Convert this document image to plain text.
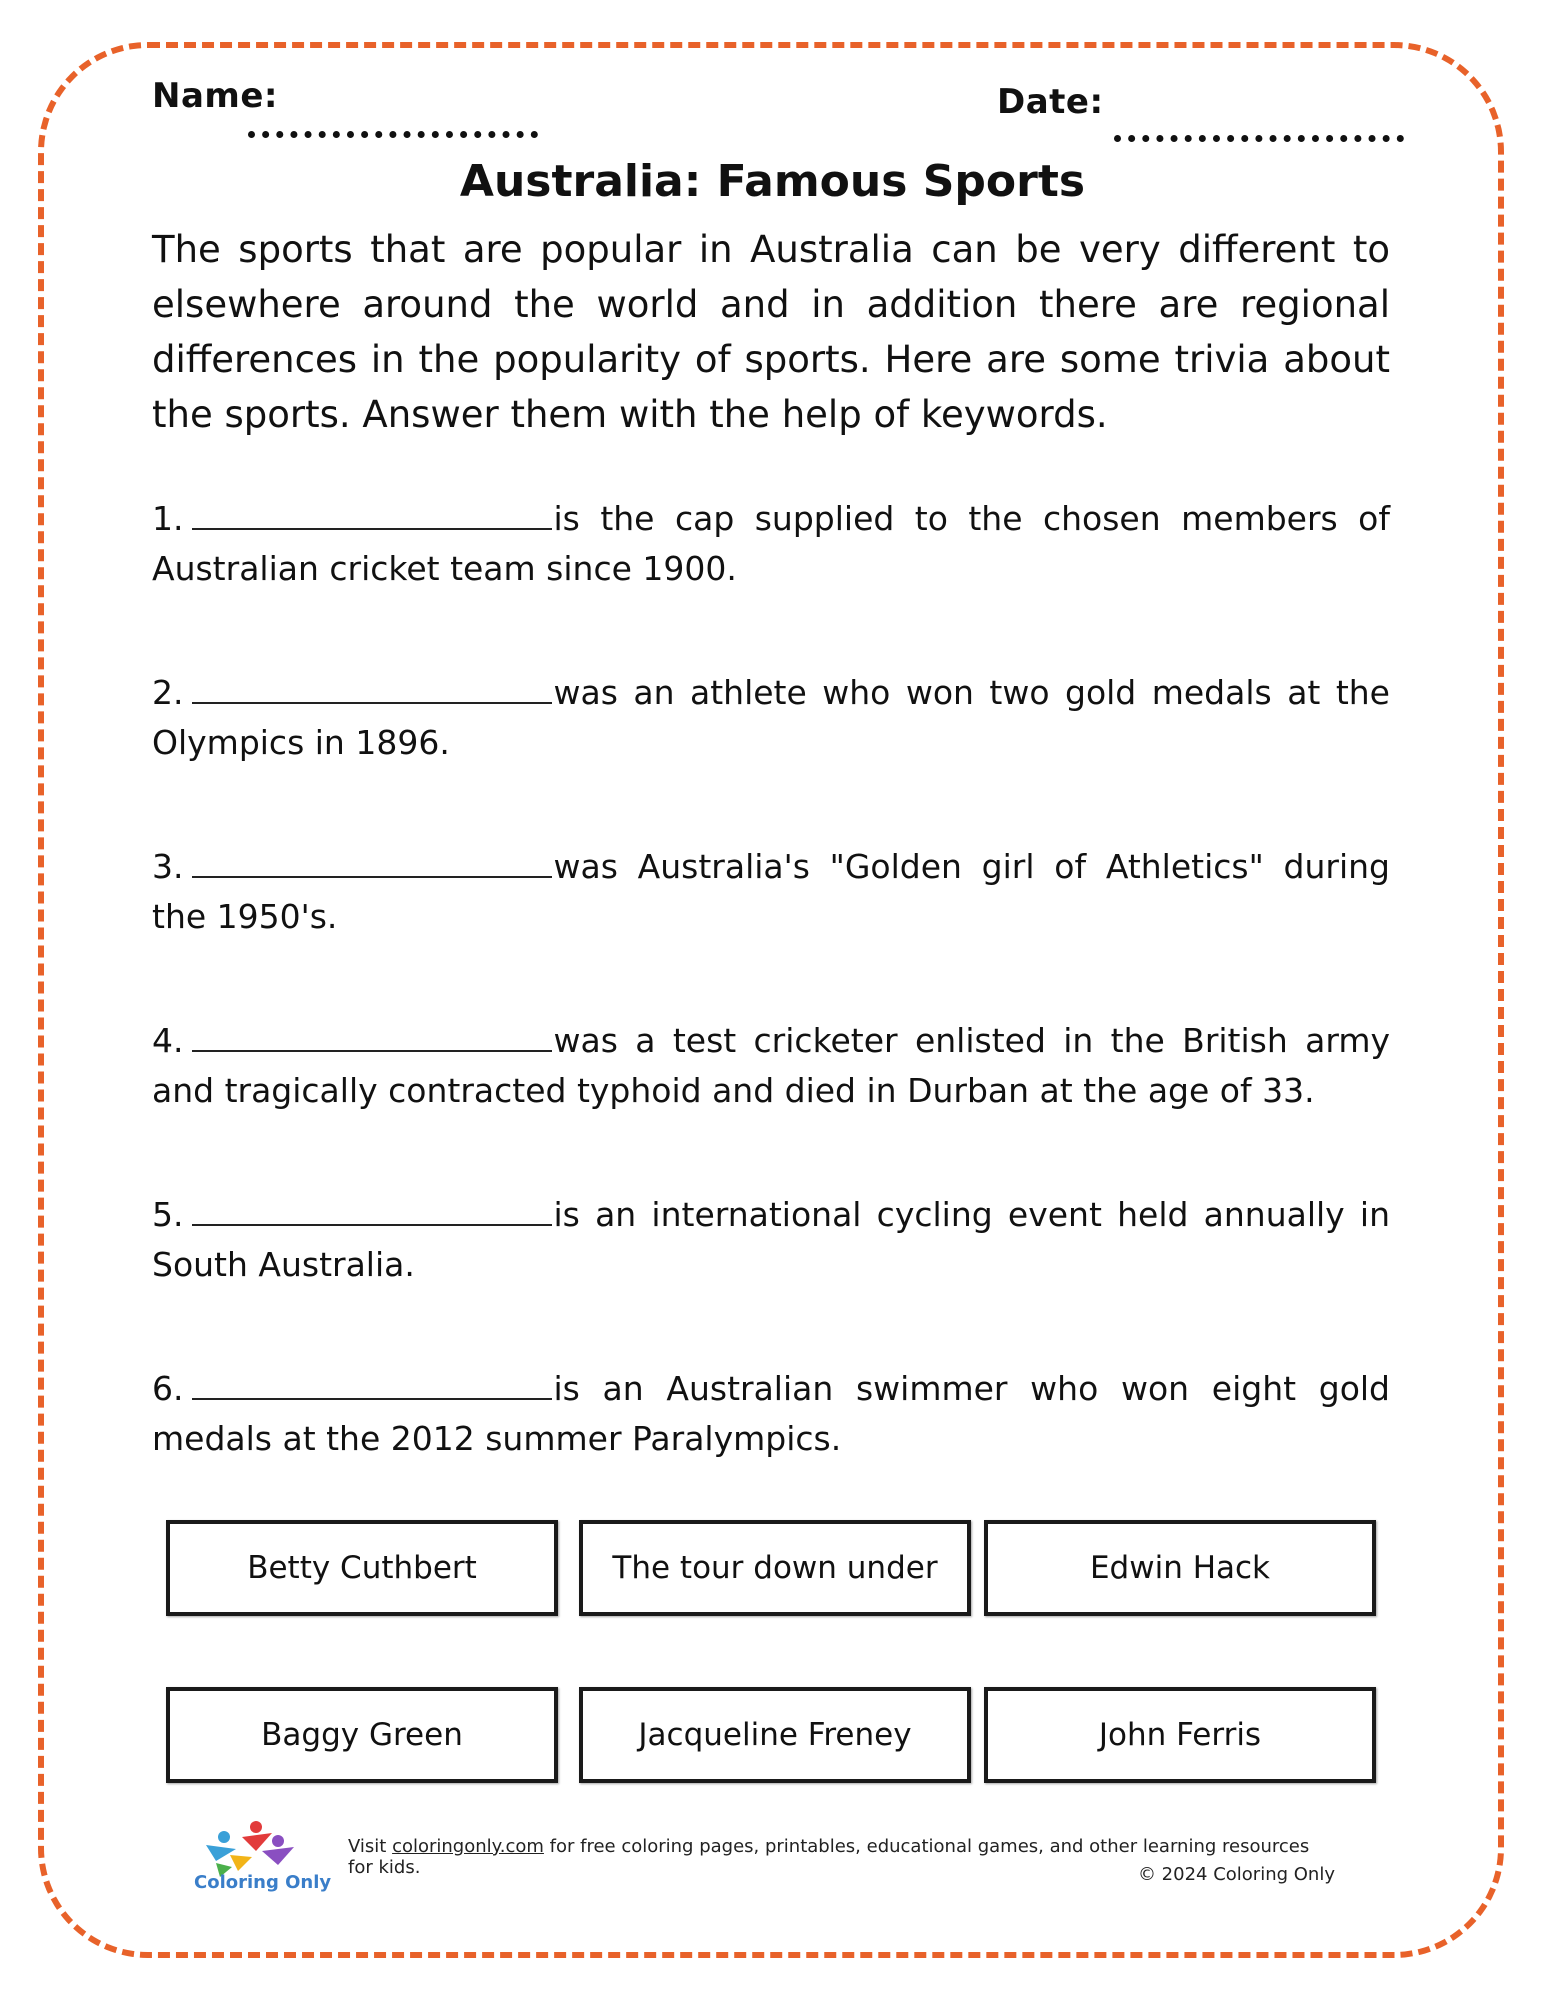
Name:	Date:
Australia: Famous Sports

The sports that are popular in Australia can be very different to elsewhere around the world and in addition there are regional differences in the popularity of sports. Here are some trivia about the sports. Answer them with the help of keywords.

1.	is the cap supplied to the chosen members of Australian cricket team since 1900.

2.	was an athlete who won two gold medals at the Olympics in 1896.

3.	was Australia's "Golden girl of Athletics" during the 1950's.

4.	was a test cricketer enlisted in the British army and tragically contracted typhoid and died in Durban at the age of 33.

5.	is an international cycling event held annually in South Australia.

6.	is an Australian swimmer who won eight gold medals at the 2012 summer Paralympics.

Betty Cuthbert	The tour down under	Edwin Hack
Baggy Green	Jacqueline Freney	John Ferris
Coloring Only
Visit coloringonly.com for free coloring pages, printables, educational games, and other learning resources for kids.	© 2024 Coloring Only
